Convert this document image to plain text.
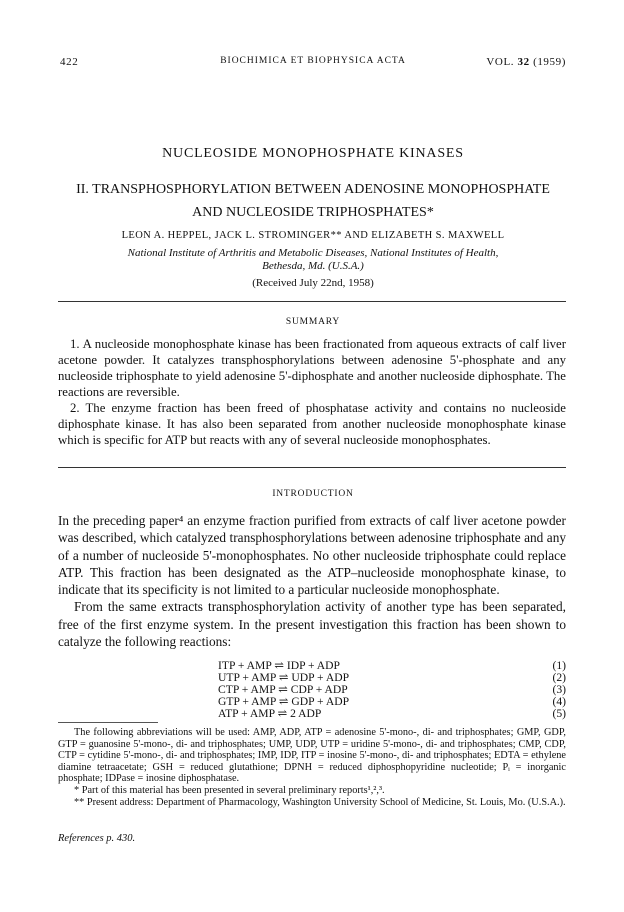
422	BIOCHIMICA ET BIOPHYSICA ACTA	VOL. 32 (1959)
NUCLEOSIDE MONOPHOSPHATE KINASES
II. TRANSPHOSPHORYLATION BETWEEN ADENOSINE MONOPHOSPHATE
AND NUCLEOSIDE TRIPHOSPHATES*
LEON A. HEPPEL, JACK L. STROMINGER** AND ELIZABETH S. MAXWELL
National Institute of Arthritis and Metabolic Diseases, National Institutes of Health,
Bethesda, Md. (U.S.A.)
(Received July 22nd, 1958)
SUMMARY

1. A nucleoside monophosphate kinase has been fractionated from aqueous extracts of calf liver acetone powder. It catalyzes transphosphorylations between adenosine 5'-phosphate and any nucleoside triphosphate to yield adenosine 5'-diphosphate and another nucleoside diphosphate. The reactions are reversible.

2. The enzyme fraction has been freed of phosphatase activity and contains no nucleoside diphosphate kinase. It has also been separated from another nucleoside monophosphate kinase which is specific for ATP but reacts with any of several nucleoside monophosphates.

INTRODUCTION

In the preceding paper⁴ an enzyme fraction purified from extracts of calf liver acetone powder was described, which catalyzed transphosphorylations between adenosine triphosphate and any of a number of nucleoside 5'-monophosphates. No other nucleoside triphosphate could replace ATP. This fraction has been designated as the ATP–nucleoside monophosphate kinase, to indicate that its specificity is not limited to a particular nucleoside monophosphate.

From the same extracts transphosphorylation activity of another type has been separated, free of the first enzyme system. In the present investigation this fraction has been shown to catalyze the following reactions:

ITP + AMP ⇌ IDP + ADP	(1)
UTP + AMP ⇌ UDP + ADP	(2)
CTP + AMP ⇌ CDP + ADP	(3)
GTP + AMP ⇌ GDP + ADP	(4)
ATP + AMP ⇌ 2 ADP	(5)

The following abbreviations will be used: AMP, ADP, ATP = adenosine 5'-mono-, di- and triphosphates; GMP, GDP, GTP = guanosine 5'-mono-, di- and triphosphates; UMP, UDP, UTP = uridine 5'-mono-, di- and triphosphates; CMP, CDP, CTP = cytidine 5'-mono-, di- and triphosphates; IMP, IDP, ITP = inosine 5'-mono-, di- and triphosphates; EDTA = ethylene diamine tetraacetate; GSH = reduced glutathione; DPNH = reduced diphosphopyridine nucleotide; Pᵢ = inorganic phosphate; IDPase = inosine diphosphatase.

* Part of this material has been presented in several preliminary reports¹,²,³.

** Present address: Department of Pharmacology, Washington University School of Medicine, St. Louis, Mo. (U.S.A.).

References p. 430.
